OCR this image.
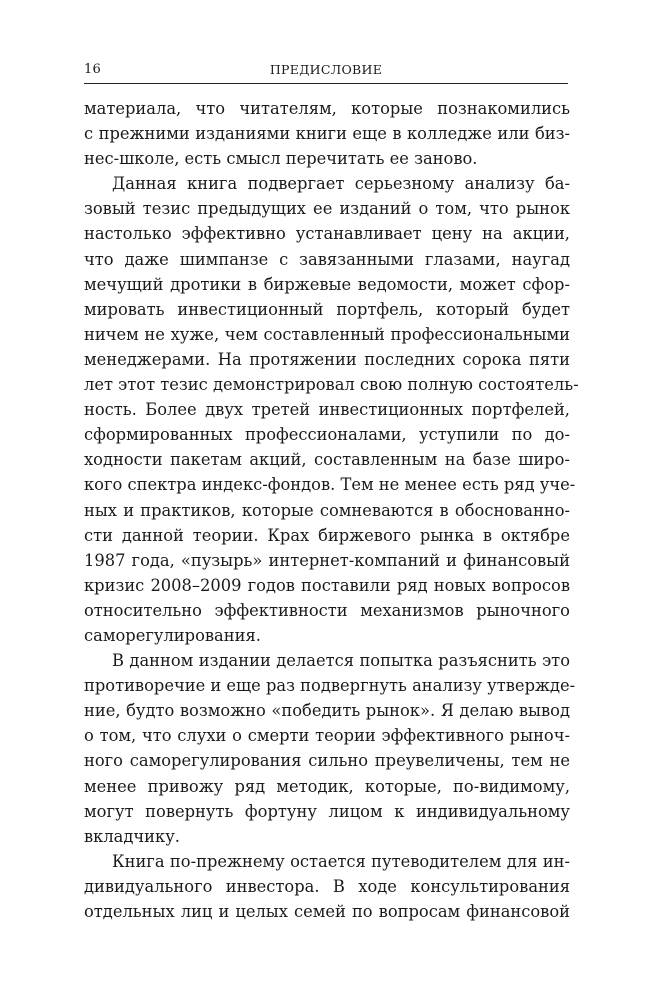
16	ПРЕДИСЛОВИЕ
материала, что читателям, которые познакомились
с прежними изданиями книги еще в колледже или биз-
нес-школе, есть смысл перечитать ее заново.
Данная книга подвергает серьезному анализу ба-
зовый тезис предыдущих ее изданий о том, что рынок
настолько эффективно устанавливает цену на акции,
что даже шимпанзе с завязанными глазами, наугад
мечущий дротики в биржевые ведомости, может сфор-
мировать инвестиционный портфель, который будет
ничем не хуже, чем составленный профессиональными
менеджерами. На протяжении последних сорока пяти
лет этот тезис демонстрировал свою полную состоятель-
ность. Более двух третей инвестиционных портфелей,
сформированных профессионалами, уступили по до-
ходности пакетам акций, составленным на базе широ-
кого спектра индекс-фондов. Тем не менее есть ряд уче-
ных и практиков, которые сомневаются в обоснованно-
сти данной теории. Крах биржевого рынка в октябре
1987 года, «пузырь» интернет-компаний и финансовый
кризис 2008–2009 годов поставили ряд новых вопросов
относительно эффективности механизмов рыночного
саморегулирования.
В данном издании делается попытка разъяснить это
противоречие и еще раз подвергнуть анализу утвержде-
ние, будто возможно «победить рынок». Я делаю вывод
о том, что слухи о смерти теории эффективного рыноч-
ного саморегулирования сильно преувеличены, тем не
менее привожу ряд методик, которые, по-видимому,
могут повернуть фортуну лицом к индивидуальному
вкладчику.
Книга по-прежнему остается путеводителем для ин-
дивидуального инвестора. В ходе консультирования
отдельных лиц и целых семей по вопросам финансовой
